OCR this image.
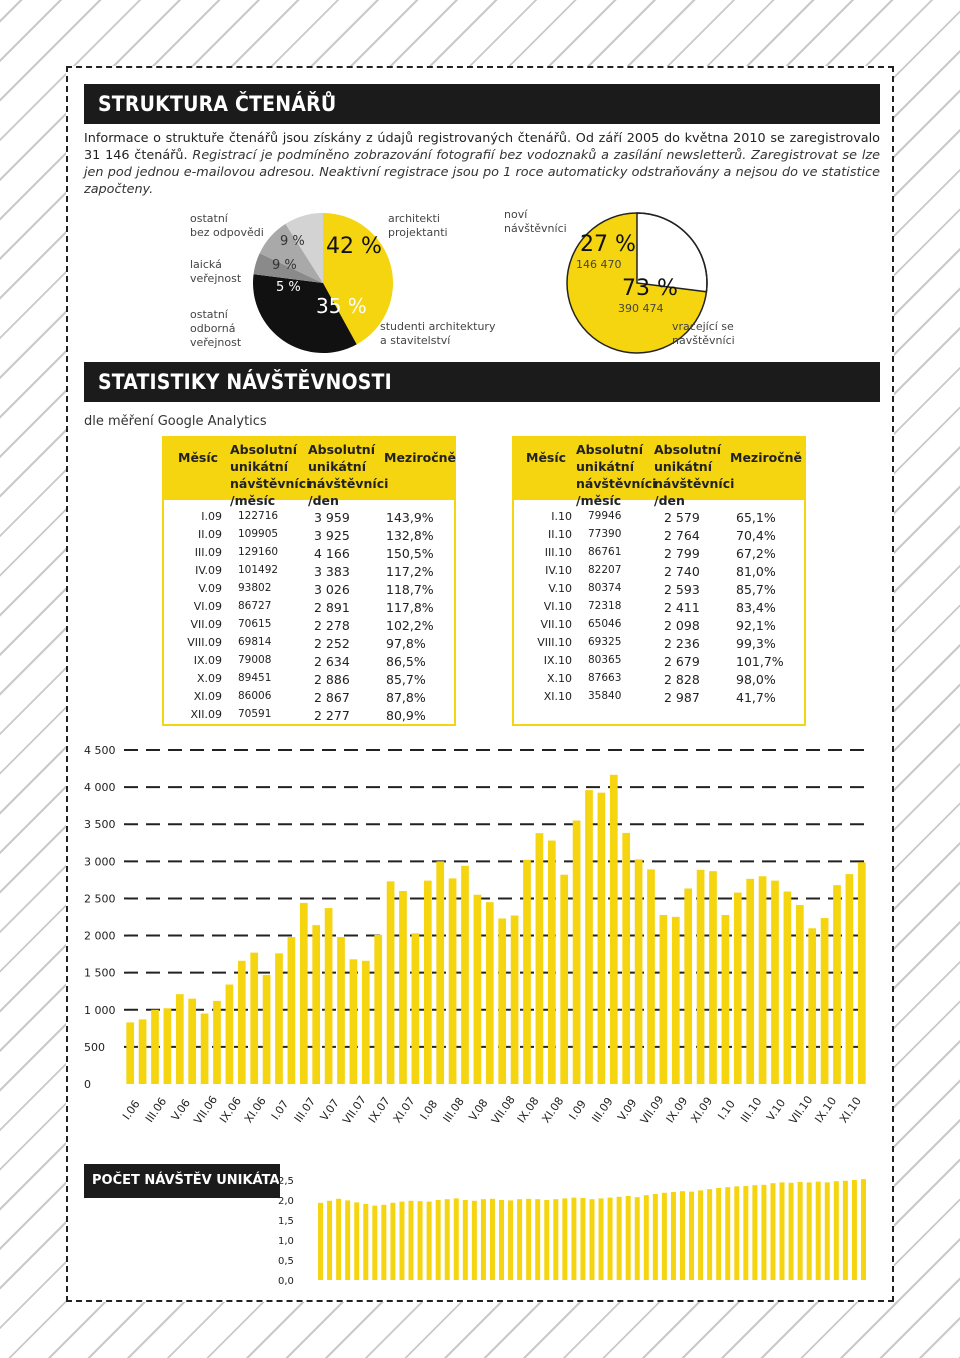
STRUKTURA ČTENÁŘŮ
Informace o struktuře čtenářů jsou získány z údajů registrovaných čtenářů. Od září 2005 do května 2010 se zaregistrovalo 31 146 čtenářů. Registrací je podmíněno zobrazování fotografií bez vodoznaků a zasílání newsletterů. Zaregistrovat se lze jen pod jednou e-mailovou adresou. Neaktivní registrace jsou po 1 roce automaticky odstraňovány a nejsou do ve statistice započteny.
ostatní
bez odpovědi
laická
veřejnost
ostatní
odborná
veřejnost
architekti
projektanti
studenti architektury
a stavitelství
42 %
35 %
5 %
9 %
9 %
noví
návštěvníci
vracející se
návštěvníci
27 %
146 470
73 %
390 474
STATISTIKY NÁVŠTĚVNOSTI
dle měření Google Analytics
Měsíc
Absolutní
unikátní
návštěvníci
/měsíc
Absolutní
unikátní
návštěvníci
/den
Meziročně
I.09 122716	3 959	143,9%
II.09 109905	3 925	132,8%
III.09 129160	4 166	150,5%
IV.09 101492	3 383	117,2%
V.09 93802	3 026	118,7%
VI.09 86727	2 891	117,8%
VII.09 70615	2 278	102,2%
VIII.09 69814	2 252	97,8%
IX.09 79008	2 634	86,5%
X.09 89451	2 886	85,7%
XI.09 86006	2 867	87,8%
XII.09 70591	2 277	80,9%
Měsíc
Absolutní
unikátní
návštěvníci
/měsíc
Absolutní
unikátní
návštěvníci
/den
Meziročně
I.10 79946	2 579	65,1%
II.10 77390	2 764	70,4%
III.10 86761	2 799	67,2%
IV.10 82207	2 740	81,0%
V.10 80374	2 593	85,7%
VI.10 72318	2 411	83,4%
VII.10 65046	2 098	92,1%
VIII.10 69325	2 236	99,3%
IX.10 80365	2 679	101,7%
X.10 87663	2 828	98,0%
XI.10 35840	2 987	41,7%
0
500
1 000
1 500
2 000
2 500
3 000
3 500
4 000
4 500
I.06 III.06 V.06
VII.06
IX.06
XI.06 I.07 III.07 V.07
VII.07
IX.07
XI.07 I.08 III.08 V.08
VII.08
IX.08
XI.08 I.09 III.09 V.09
VII.09
IX.09
XI.09 I.10 III.10 V.10
VII.10
IX.10
XI.10
POČET NÁVŠTĚV UNIKÁTA
0,0
0,5
1,0
1,5
2,0
2,5
